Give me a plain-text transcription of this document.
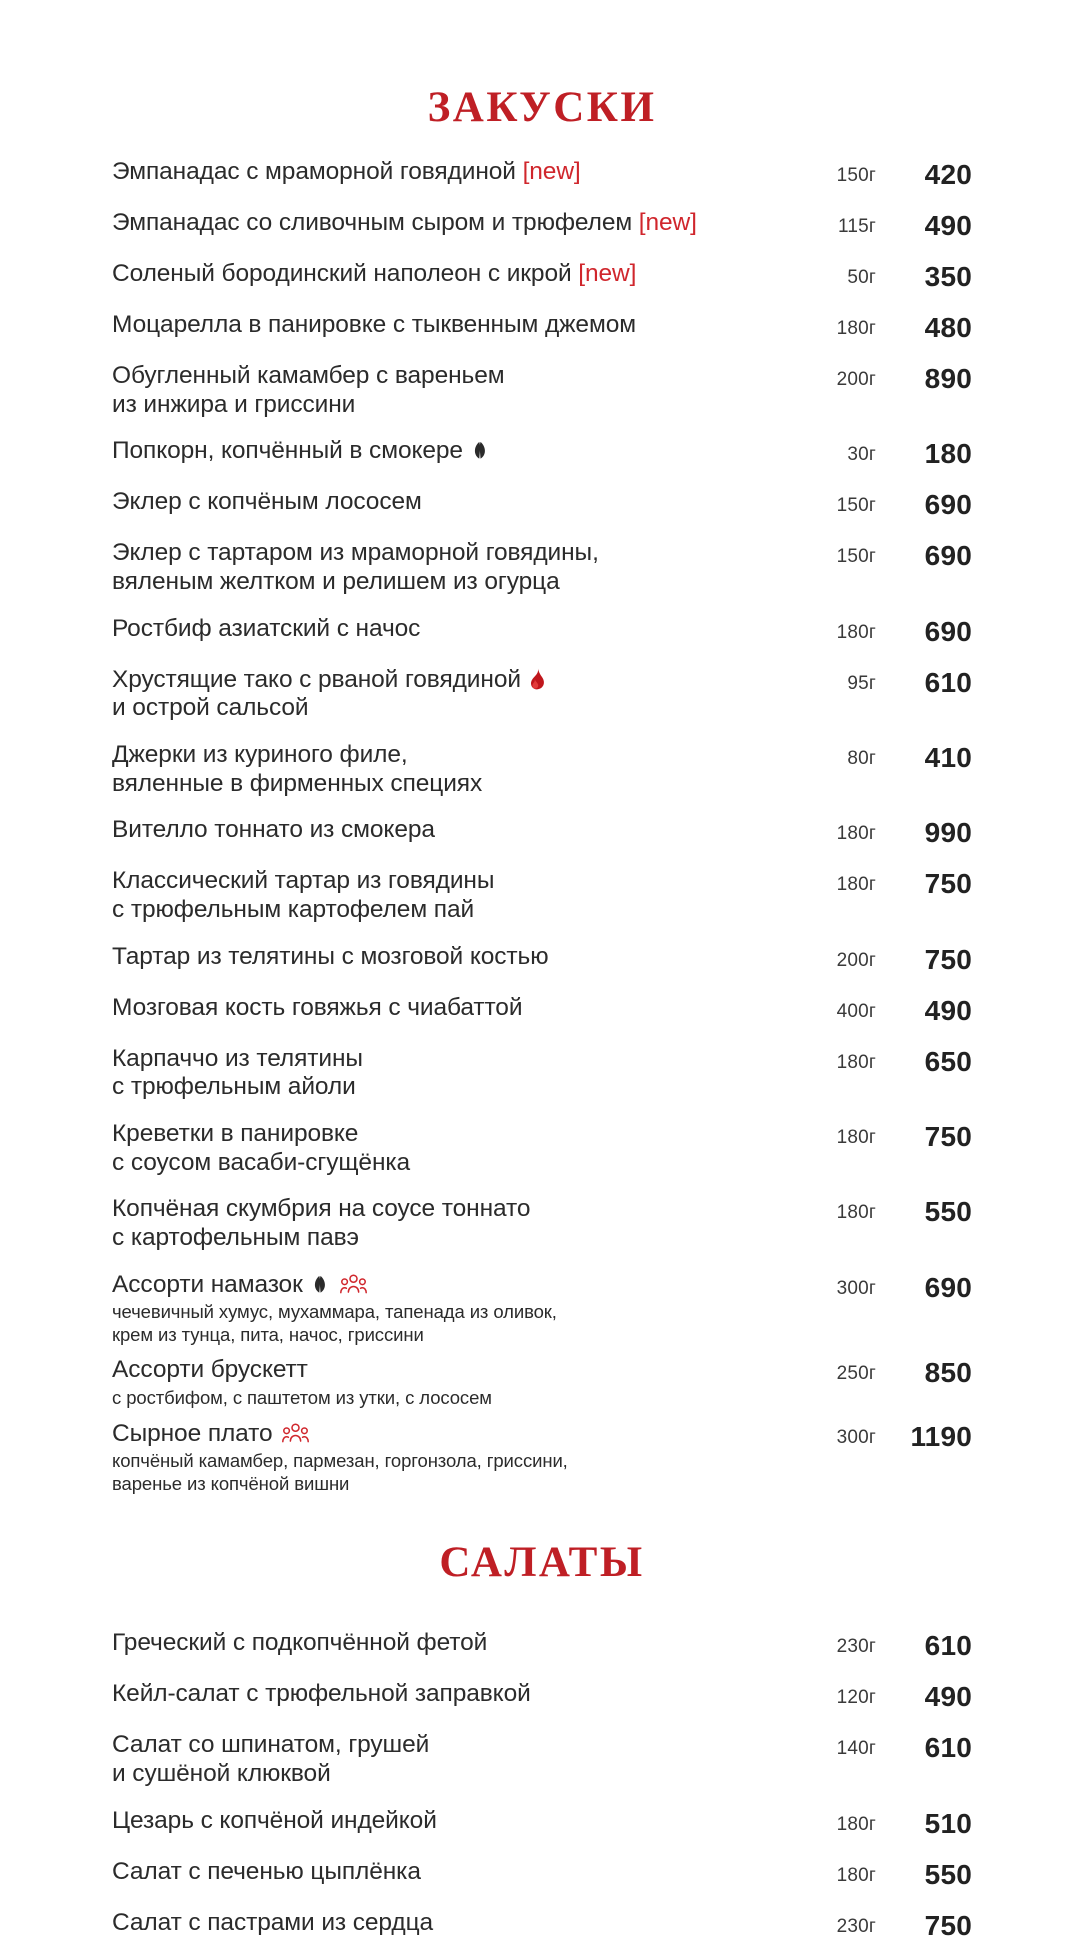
ЗАКУСКИ
Эмпанадас с мраморной говядиной [new]	150г	420
Эмпанадас со сливочным сыром и трюфелем [new]	115г	490
Соленый бородинский наполеон с икрой [new]	50г	350
Моцарелла в панировке с тыквенным джемом	180г	480
Обугленный камамбер с вареньем
из инжира и гриссини
200г	890
Попкорн, копчённый в смокере	30г	180
Эклер с копчёным лососем	150г	690
Эклер с тартаром из мраморной говядины,
вяленым желтком и релишем из огурца
150г	690
Ростбиф азиатский с начос	180г	690
Хрустящие тако с рваной говядиной

и острой сальсой
95г	610
Джерки из куриного филе,
вяленные в фирменных специях
80г	410
Вителло тоннато из смокера	180г	990
Классический тартар из говядины
с трюфельным картофелем пай
180г	750
Тартар из телятины с мозговой костью	200г	750
Мозговая кость говяжья с чиабаттой	400г	490
Карпаччо из телятины
с трюфельным айоли
180г	650
Креветки в панировке
с соусом васаби-сгущёнка
180г	750
Копчёная скумбрия на соусе тоннато
с картофельным павэ
180г	550
Ассорти намазок
чечевичный хумус, мухаммара, тапенада из оливок,
крем из тунца, пита, начос, гриссини
300г	690
Ассорти брускетт
с ростбифом, с паштетом из утки, с лососем
250г	850
Сырное плато
копчёный камамбер, пармезан, горгонзола, гриссини,
варенье из копчёной вишни
300г	1190
САЛАТЫ
Греческий с подкопчённой фетой	230г	610
Кейл-салат с трюфельной заправкой	120г	490
Салат со шпинатом, грушей
и сушёной клюквой
140г	610
Цезарь с копчёной индейкой	180г	510
Салат с печенью цыплёнка	180г	550
Салат с пастрами из сердца	230г	750
